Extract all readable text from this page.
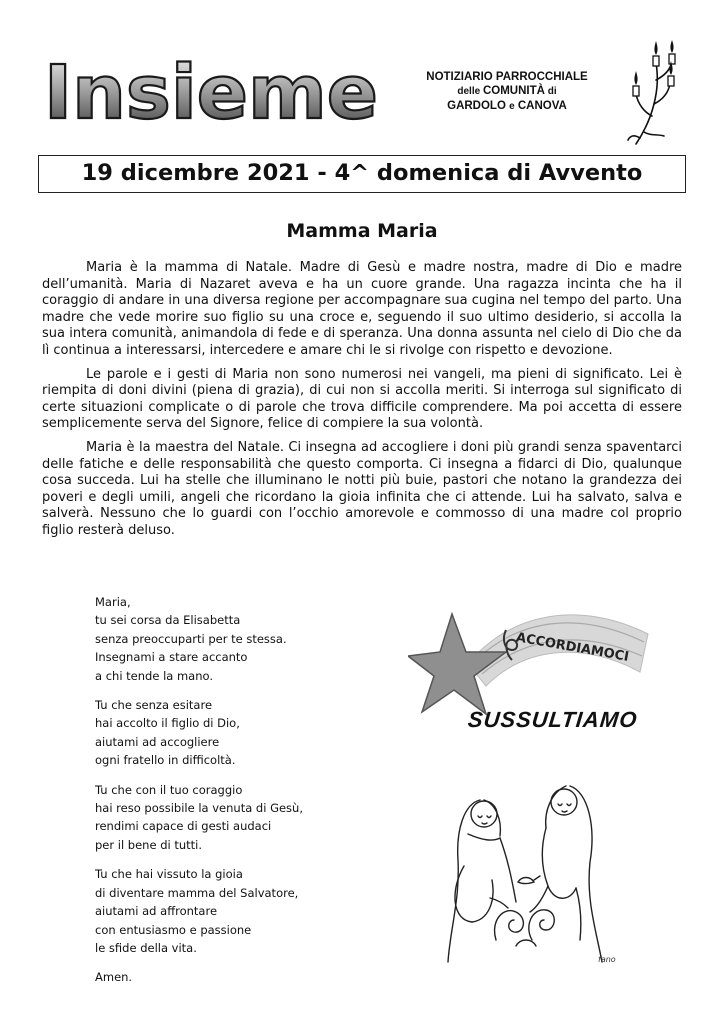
Insieme	NOTIZIARIO PARROCCHIALE
delle COMUNITÀ di
GARDOLO e CANOVA
19 dicembre 2021 - 4^ domenica di Avvento
Mamma Maria

Maria è la mamma di Natale. Madre di Gesù e madre nostra, madre di Dio e madre dell’umanità. Maria di Nazaret aveva e ha un cuore grande. Una ragazza incinta che ha il coraggio di andare in una diversa regione per accompagnare sua cugina nel tempo del parto. Una madre che vede morire suo figlio su una croce e, seguendo il suo ultimo desiderio, si accolla la sua intera comunità, animandola di fede e di speranza. Una donna assunta nel cielo di Dio che da lì continua a interessarsi, intercedere e amare chi le si rivolge con rispetto e devozione.

Le parole e i gesti di Maria non sono numerosi nei vangeli, ma pieni di significato. Lei è riempita di doni divini (piena di grazia), di cui non si accolla meriti. Si interroga sul significato di certe situazioni complicate o di parole che trova difficile comprendere. Ma poi accetta di essere semplicemente serva del Signore, felice di compiere la sua volontà.

Maria è la maestra del Natale. Ci insegna ad accogliere i doni più grandi senza spaventarci delle fatiche e delle responsabilità che questo comporta. Ci insegna a fidarci di Dio, qualunque cosa succeda. Lui ha stelle che illuminano le notti più buie, pastori che notano la grandezza dei poveri e degli umili, angeli che ricordano la gioia infinita che ci attende. Lui ha salvato, salva e salverà. Nessuno che lo guardi con l’occhio amorevole e commosso di una madre col proprio figlio resterà deluso.

Maria,
tu sei corsa da Elisabetta
senza preoccuparti per te stessa.
Insegnami a stare accanto
a chi tende la mano.
Tu che senza esitare
hai accolto il figlio di Dio,
aiutami ad accogliere
ogni fratello in difficoltà.
Tu che con il tuo coraggio
hai reso possibile la venuta di Gesù,
rendimi capace di gesti audaci
per il bene di tutti.
Tu che hai vissuto la gioia
di diventare mamma del Salvatore,
aiutami ad affrontare
con entusiasmo e passione
le sfide della vita.
Amen.
ACCORDIAMOCI
SUSSULTIAMO
fano
